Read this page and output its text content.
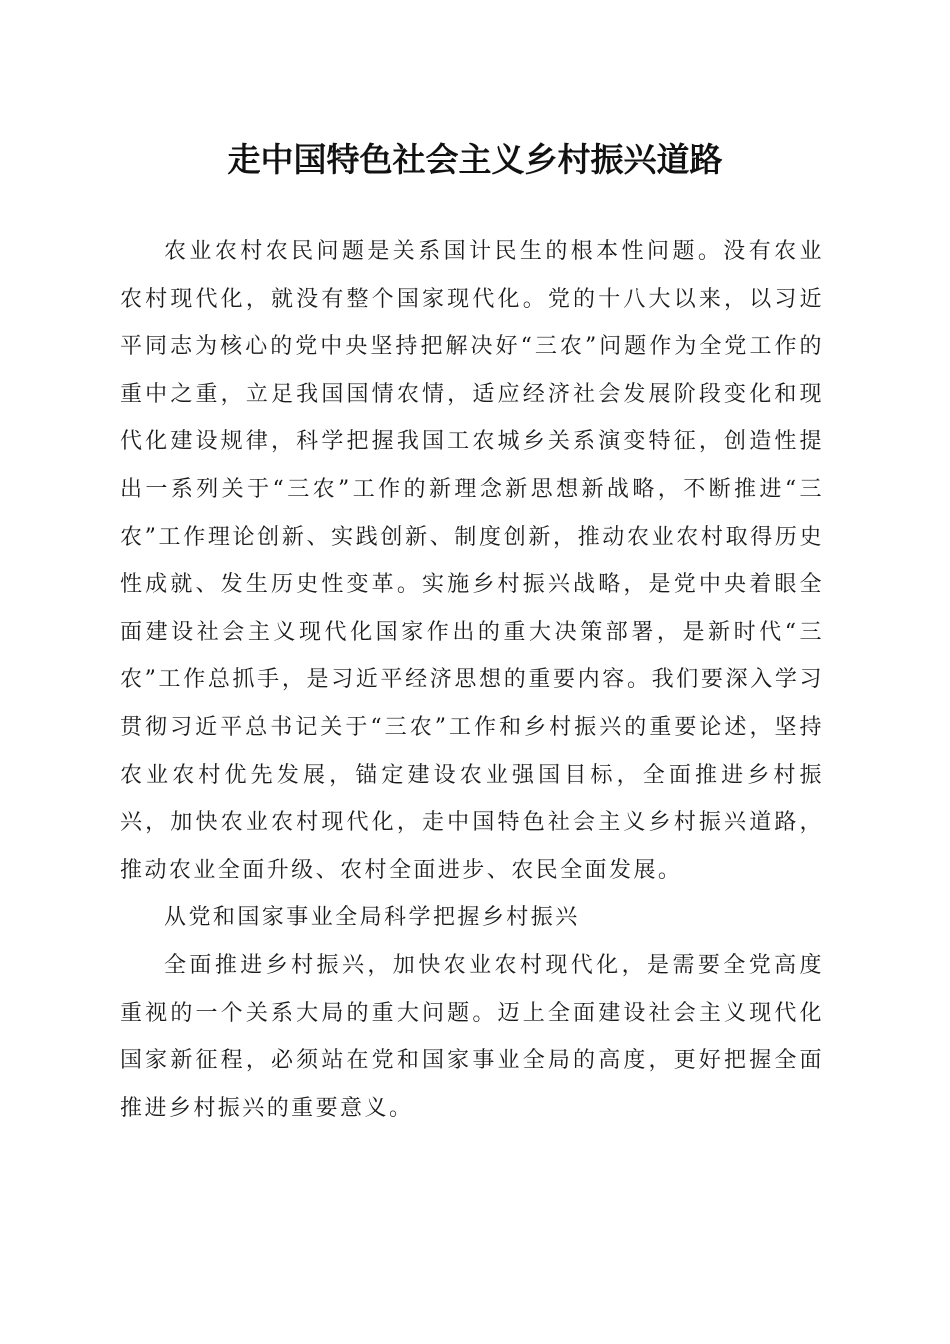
走中国特色社会主义乡村振兴道路

农业农村农民问题是关系国计民生的根本性问题。没有农业农村现代化，就没有整个国家现代化。党的十八大以来，以习近平同志为核心的党中央坚持把解决好“三农”问题作为全党工作的重中之重，立足我国国情农情，适应经济社会发展阶段变化和现代化建设规律，科学把握我国工农城乡关系演变特征，创造性提出一系列关于“三农”工作的新理念新思想新战略，不断推进“三农”工作理论创新、实践创新、制度创新，推动农业农村取得历史性成就、发生历史性变革。实施乡村振兴战略，是党中央着眼全面建设社会主义现代化国家作出的重大决策部署，是新时代“三农”工作总抓手，是习近平经济思想的重要内容。我们要深入学习贯彻习近平总书记关于“三农”工作和乡村振兴的重要论述，坚持农业农村优先发展，锚定建设农业强国目标，全面推进乡村振兴，加快农业农村现代化，走中国特色社会主义乡村振兴道路，推动农业全面升级、农村全面进步、农民全面发展。

从党和国家事业全局科学把握乡村振兴

全面推进乡村振兴，加快农业农村现代化，是需要全党高度重视的一个关系大局的重大问题。迈上全面建设社会主义现代化国家新征程，必须站在党和国家事业全局的高度，更好把握全面推进乡村振兴的重要意义。
